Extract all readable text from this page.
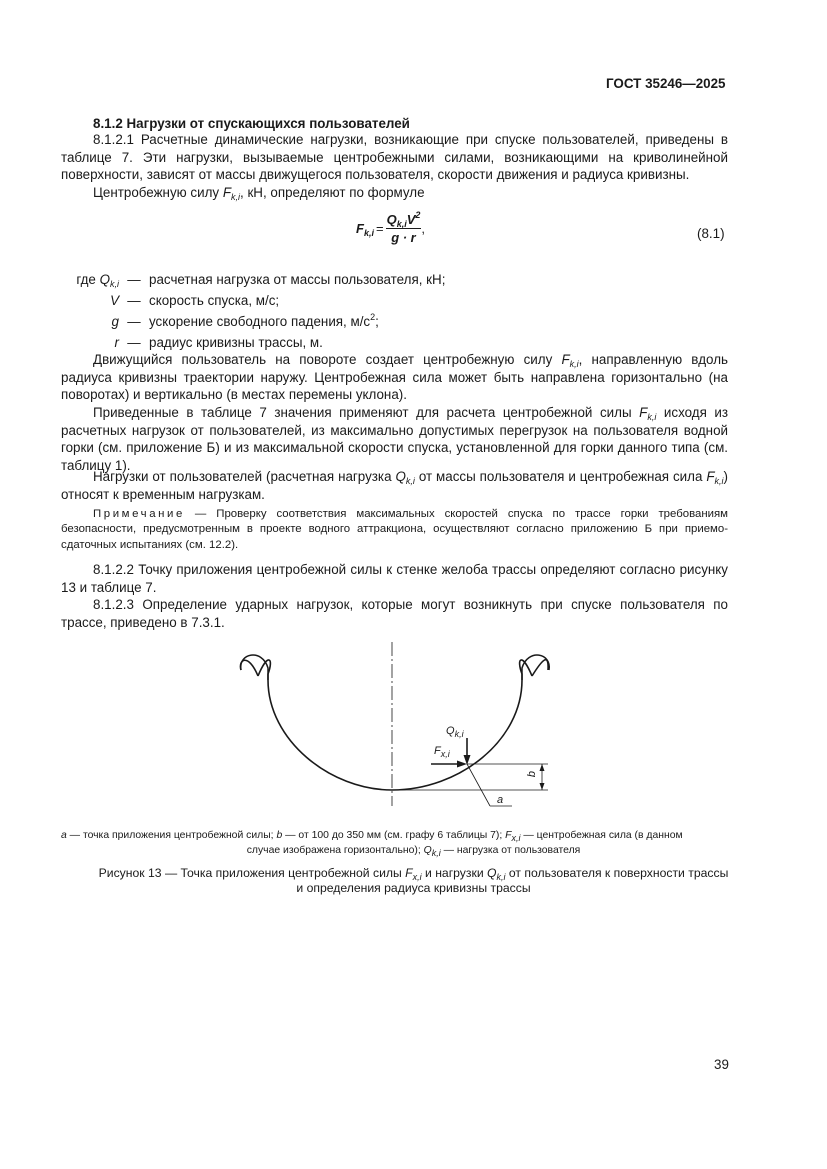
ГОСТ 35246—2025
8.1.2 Нагрузки от спускающихся пользователей

8.1.2.1 Расчетные динамические нагрузки, возникающие при спуске пользователей, приведены в таблице 7. Эти нагрузки, вызываемые центробежными силами, возникающими на криволинейной поверхности, зависят от массы движущегося пользователя, скорости движения и радиуса кривизны.

Центробежную силу $F_{k,i}$, кН, определяют по формуле

$F_{k,i} = \frac{Q_{k,i}V^2}{g \cdot r}$ ,	(8.1)
где $Q_{k,i}$ — расчетная нагрузка от массы пользователя, кН;
V — скорость спуска, м/с;
g — ускорение свободного падения, $м/с^2$;
r — радиус кривизны трассы, м.

Движущийся пользователь на повороте создает центробежную силу $F_{k,i}$, направленную вдоль радиуса кривизны траектории наружу. Центробежная сила может быть направлена горизонтально (на поворотах) и вертикально (в местах перемены уклона).

Приведенные в таблице 7 значения применяют для расчета центробежной силы $F_{k,i}$ исходя из расчетных нагрузок от пользователей, из максимально допустимых перегрузок на пользователя водной горки (см. приложение Б) и из максимальной скорости спуска, установленной для горки данного типа (см. таблицу 1).

Нагрузки от пользователей (расчетная нагрузка $Q_{k,i}$ от массы пользователя и центробежная сила $F_{k,i}$) относят к временным нагрузкам.

Примечание — Проверку соответствия максимальных скоростей спуска по трассе горки требованиям безопасности, предусмотренным в проекте водного аттракциона, осуществляют согласно приложению Б при приемо-сдаточных испытаниях (см. 12.2).

8.1.2.2 Точку приложения центробежной силы к стенке желоба трассы определяют согласно рисунку 13 и таблице 7.

8.1.2.3 Определение ударных нагрузок, которые могут возникнуть при спуске пользователя по трассе, приведено в 7.3.1.

$Q_{k,i}$
$F_{x,i}$
b
a
a — точка приложения центробежной силы; b — от 100 до 350 мм (см. графу 6 таблицы 7); $F_{x,i}$ — центробежная сила (в данном
случае изображена горизонтально); $Q_{k,i}$ — нагрузка от пользователя
Рисунок 13 — Точка приложения центробежной силы $F_{x,i}$ и нагрузки $Q_{k,i}$ от пользователя к поверхности трассы
и определения радиуса кривизны трассы
39
